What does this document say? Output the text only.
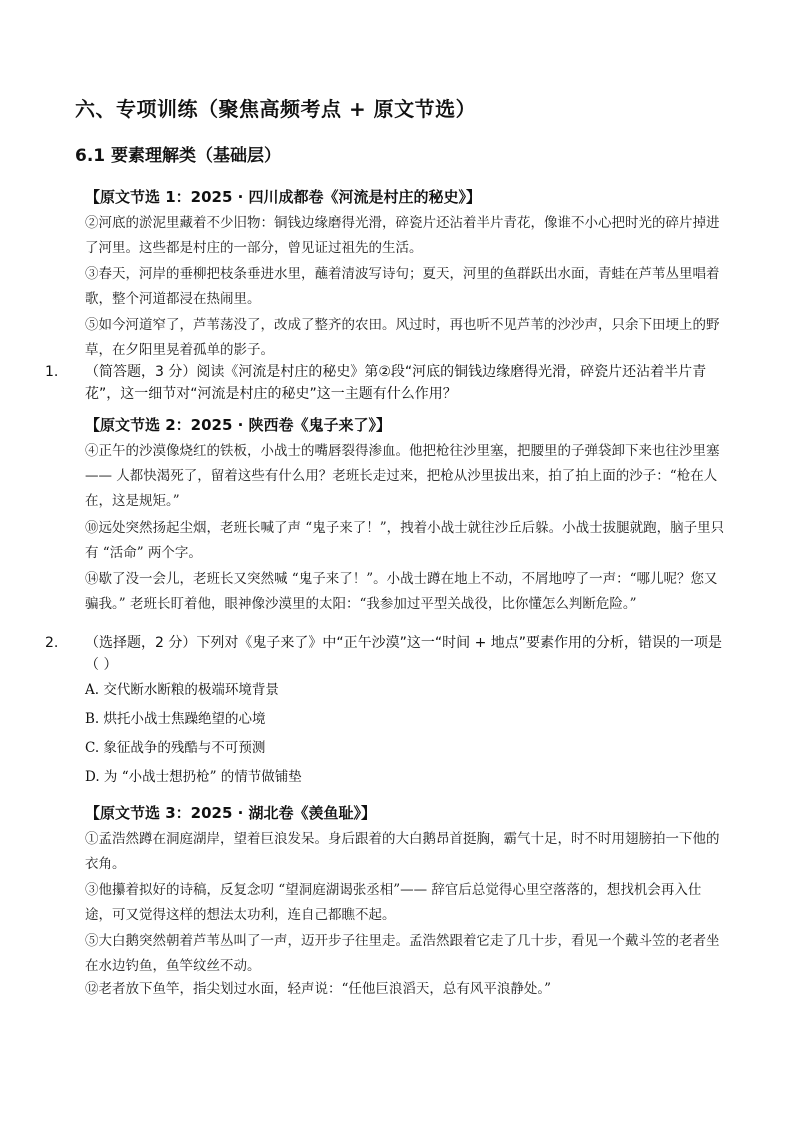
六、专项训练（聚焦高频考点 + 原文节选）
6.1 要素理解类（基础层）
【原文节选 1：2025 · 四川成都卷《河流是村庄的秘史》】
②河底的淤泥里藏着不少旧物：铜钱边缘磨得光滑，碎瓷片还沾着半片青花，像谁不小心把时光的碎片掉进了河里。这些都是村庄的一部分，曾见证过祖先的生活。
③春天，河岸的垂柳把枝条垂进水里，蘸着清波写诗句；夏天，河里的鱼群跃出水面，青蛙在芦苇丛里唱着歌，整个河道都浸在热闹里。
⑤如今河道窄了，芦苇荡没了，改成了整齐的农田。风过时，再也听不见芦苇的沙沙声，只余下田埂上的野草，在夕阳里晃着孤单的影子。
1. （简答题，3 分）阅读《河流是村庄的秘史》第②段“河底的铜钱边缘磨得光滑，碎瓷片还沾着半片青花”，这一细节对“河流是村庄的秘史”这一主题有什么作用？
【原文节选 2：2025 · 陕西卷《鬼子来了》】
④正午的沙漠像烧红的铁板，小战士的嘴唇裂得渗血。他把枪往沙里塞，把腰里的子弹袋卸下来也往沙里塞 —— 人都快渴死了，留着这些有什么用？老班长走过来，把枪从沙里拔出来，拍了拍上面的沙子：“枪在人在，这是规矩。”
⑩远处突然扬起尘烟，老班长喊了声 “鬼子来了！”，拽着小战士就往沙丘后躲。小战士拔腿就跑，脑子里只有 “活命” 两个字。
⑭歇了没一会儿，老班长又突然喊 “鬼子来了！”。小战士蹲在地上不动，不屑地哼了一声：“哪儿呢？您又骗我。” 老班长盯着他，眼神像沙漠里的太阳：“我参加过平型关战役，比你懂怎么判断危险。”
2. （选择题，2 分）下列对《鬼子来了》中“正午沙漠”这一“时间 + 地点”要素作用的分析，错误的一项是（ ）
A. 交代断水断粮的极端环境背景
B. 烘托小战士焦躁绝望的心境
C. 象征战争的残酷与不可预测
D. 为 “小战士想扔枪” 的情节做铺垫
【原文节选 3：2025 · 湖北卷《羡鱼耻》】
①孟浩然蹲在洞庭湖岸，望着巨浪发呆。身后跟着的大白鹅昂首挺胸，霸气十足，时不时用翅膀拍一下他的衣角。
③他攥着拟好的诗稿，反复念叨 “望洞庭湖谒张丞相”—— 辞官后总觉得心里空落落的，想找机会再入仕途，可又觉得这样的想法太功利，连自己都瞧不起。
⑤大白鹅突然朝着芦苇丛叫了一声，迈开步子往里走。孟浩然跟着它走了几十步，看见一个戴斗笠的老者坐在水边钓鱼，鱼竿纹丝不动。
⑫老者放下鱼竿，指尖划过水面，轻声说：“任他巨浪滔天，总有风平浪静处。”
